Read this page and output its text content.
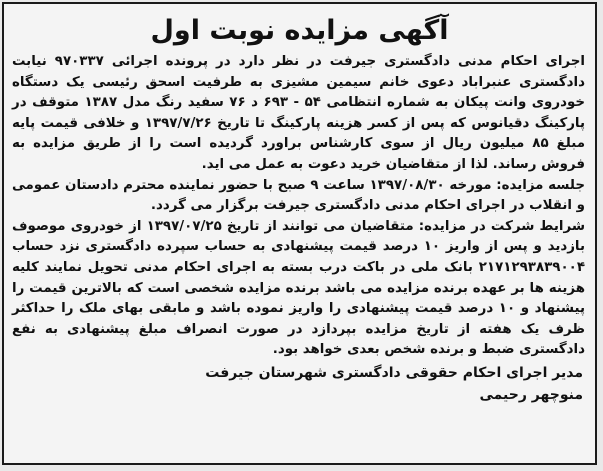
آگهی مزایده نوبت اول

اجرای احکام مدنی دادگستری جیرفت در نظر دارد در پرونده اجرائی ۹۷۰۳۳۷ نیابت دادگستری عنبراباد دعوی خانم سیمین مشیزی به طرفیت اسحق رئیسی یک دستگاه خودروی وانت پیکان به شماره انتظامی ۵۴ - ۶۹۳ د ۷۶ سفید رنگ مدل ۱۳۸۷ متوقف در پارکینگ دقیانوس که پس از کسر هزینه پارکینگ تا تاریخ ۱۳۹۷/۷/۲۶ و خلافی قیمت پایه مبلغ ۸۵ میلیون ریال از سوی کارشناس براورد گردیده است را از طریق مزایده به فروش رساند. لذا از متقاضیان خرید دعوت به عمل می اید.

جلسه مزایده: مورخه ۱۳۹۷/۰۸/۳۰ ساعت ۹ صبح با حضور نماینده محترم دادستان عمومی و انقلاب در اجرای احکام مدنی دادگستری جیرفت برگزار می گردد.

شرایط شرکت در مزایده: متقاضیان می توانند از تاریخ ۱۳۹۷/۰۷/۲۵ از خودروی موصوف بازدید و پس از واریز ۱۰ درصد قیمت پیشنهادی به حساب سپرده دادگستری نزد حساب ۲۱۷۱۲۹۳۸۳۹۰۰۴ بانک ملی در باکت درب بسته به اجرای احکام مدنی تحویل نمایند کلیه هزینه ها بر عهده برنده مزایده می باشد برنده مزایده شخصی است که بالاترین قیمت را پیشنهاد و ۱۰ درصد قیمت پیشنهادی را واریز نموده باشد و مابقی بهای ملک را حداکثر ظرف یک هفته از تاریخ مزایده بپردازد در صورت انصراف مبلغ پیشنهادی به نفع دادگستری ضبط و برنده شخص بعدی خواهد بود.

مدیر اجرای احکام حقوقی دادگستری شهرستان جیرفت
منوچهر رحیمی
